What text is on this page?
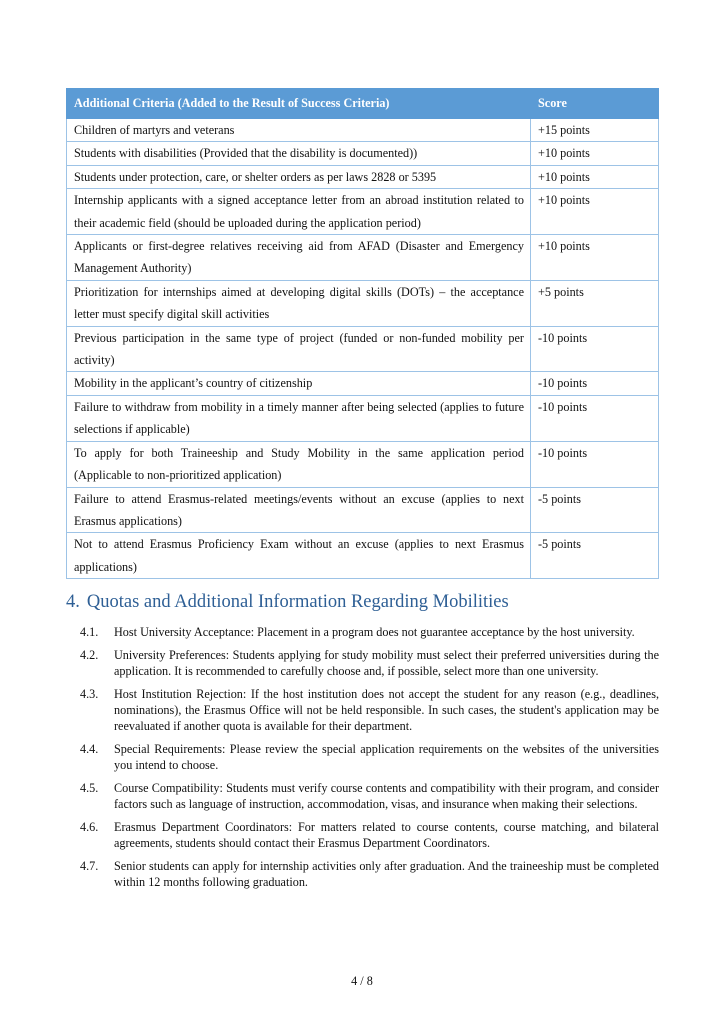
Additional Criteria (Added to the Result of Success Criteria)	Score
Children of martyrs and veterans	+15 points
Students with disabilities (Provided that the disability is documented))	+10 points
Students under protection, care, or shelter orders as per laws 2828 or 5395	+10 points
Internship applicants with a signed acceptance letter from an abroad institution related to their academic field (should be uploaded during the application period)	+10 points
Applicants or first-degree relatives receiving aid from AFAD (Disaster and Emergency Management Authority)	+10 points
Prioritization for internships aimed at developing digital skills (DOTs) – the acceptance letter must specify digital skill activities	+5 points
Previous participation in the same type of project (funded or non-funded mobility per activity)	-10 points
Mobility in the applicant’s country of citizenship	-10 points
Failure to withdraw from mobility in a timely manner after being selected (applies to future selections if applicable)	-10 points
To apply for both Traineeship and Study Mobility in the same application period (Applicable to non-prioritized application)	-10 points
Failure to attend Erasmus-related meetings/events without an excuse (applies to next Erasmus applications)	-5 points
Not to attend Erasmus Proficiency Exam without an excuse (applies to next Erasmus applications)	-5 points
4. Quotas and Additional Information Regarding Mobilities
4.1.	Host University Acceptance: Placement in a program does not guarantee acceptance by the host university.
4.2.	University Preferences: Students applying for study mobility must select their preferred universities during the application. It is recommended to carefully choose and, if possible, select more than one university.
4.3.	Host Institution Rejection: If the host institution does not accept the student for any reason (e.g., deadlines, nominations), the Erasmus Office will not be held responsible. In such cases, the student's application may be reevaluated if another quota is available for their department.
4.4.	Special Requirements: Please review the special application requirements on the websites of the universities you intend to choose.
4.5.	Course Compatibility: Students must verify course contents and compatibility with their program, and consider factors such as language of instruction, accommodation, visas, and insurance when making their selections.
4.6.	Erasmus Department Coordinators: For matters related to course contents, course matching, and bilateral agreements, students should contact their Erasmus Department Coordinators.
4.7.	Senior students can apply for internship activities only after graduation. And the traineeship must be completed within 12 months following graduation.
4 / 8
